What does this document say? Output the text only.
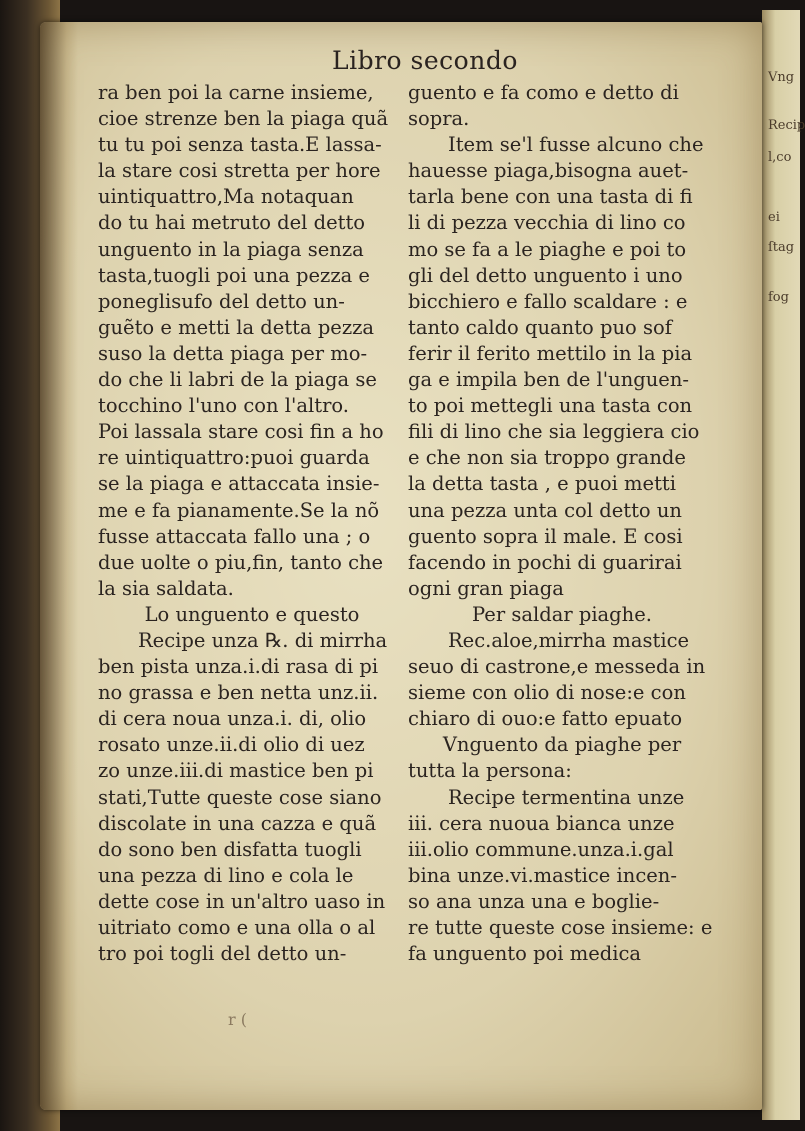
Vng
Recip
l,co
ei
ſtag
fog
Libro secondo
ra ben poi la carne insieme,
cioe strenze ben la piaga quã
tu tu poi senza tasta.E lassa-
la stare cosi stretta per hore
uintiquattro,Ma notaquan
do tu hai metruto del detto
unguento in la piaga senza
tasta,tuogli poi una pezza e
poneglisufo del detto un-
guẽto e metti la detta pezza
suso la detta piaga per mo-
do che li labri de la piaga se
tocchino l'uno con l'altro.
Poi lassala stare cosi fin a ho
re uintiquattro:puoi guarda
se la piaga e attaccata insie-
me e fa pianamente.Se la nõ
fusse attaccata fallo una ; o
due uolte o piu,fin, tanto che
la sia saldata.
Lo unguento e questo
Recipe unza ℞. di mirrha
ben pista unza.i.di rasa di pi
no grassa e ben netta unz.ii.
di cera noua unza.i. di, olio
rosato unze.ii.di olio di uez
zo unze.iii.di mastice ben pi
stati,Tutte queste cose siano
discolate in una cazza e quã
do sono ben disfatta tuogli
una pezza di lino e cola le
dette cose in un'altro uaso in
uitriato como e una olla o al
tro poi togli del detto un-
guento e fa como e detto di
sopra.
Item se'l fusse alcuno che
hauesse piaga,bisogna auet-
tarla bene con una tasta di fi
li di pezza vecchia di lino co
mo se fa a le piaghe e poi to
gli del detto unguento i uno
bicchiero e fallo scaldare : e
tanto caldo quanto puo sof
ferir il ferito mettilo in la pia
ga e impila ben de l'unguen-
to poi mettegli una tasta con
fili di lino che sia leggiera cio
e che non sia troppo grande
la detta tasta , e puoi metti
una pezza unta col detto un
guento sopra il male. E cosi
facendo in pochi di guarirai
ogni gran piaga
Per saldar piaghe.
Rec.aloe,mirrha mastice
seuo di castrone,e messeda in
sieme con olio di nose:e con
chiaro di ouo:e fatto epuato
Vnguento da piaghe per
tutta la persona:
Recipe termentina unze
iii. cera nuoua bianca unze
iii.olio commune.unza.i.gal
bina unze.vi.mastice incen-
so ana unza una e boglie-
re tutte queste cose insieme: e
fa unguento poi medica
r (
